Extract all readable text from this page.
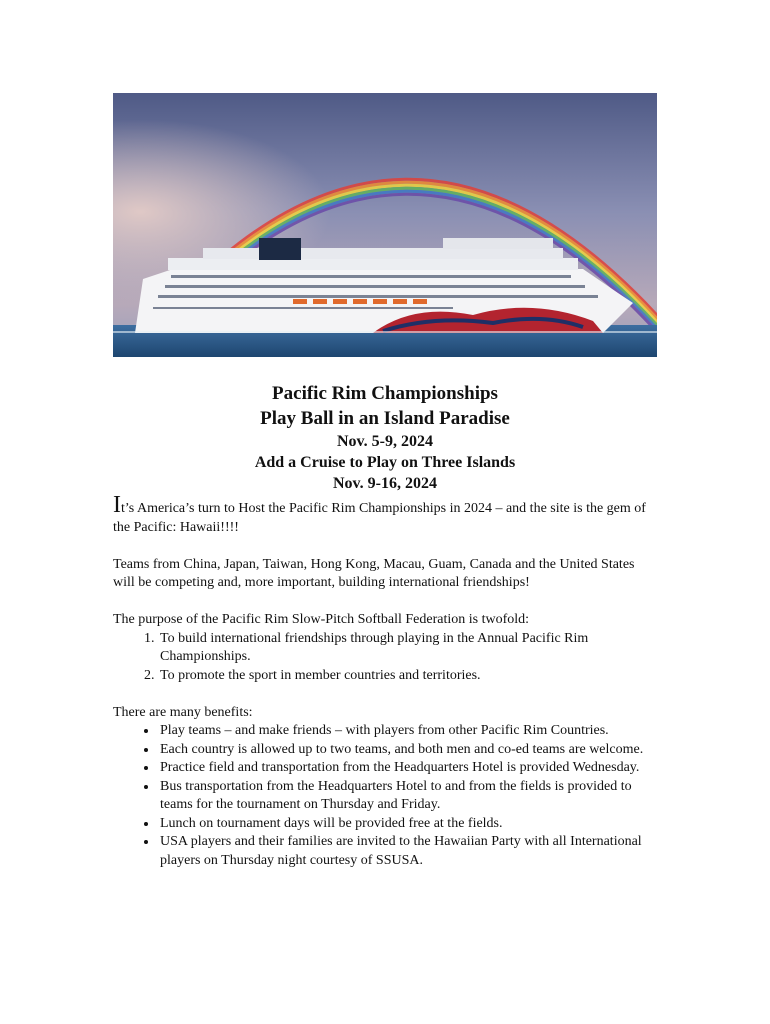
Pacific Rim Championships

Play Ball in an Island Paradise

Nov. 5-9, 2024

Add a Cruise to Play on Three Islands

Nov. 9-16, 2024

It’s America’s turn to Host the Pacific Rim Championships in 2024 – and the site is the gem of the Pacific: Hawaii!!!!

Teams from China, Japan, Taiwan, Hong Kong, Macau, Guam, Canada and the United States will be competing and, more important, building international friendships!

The purpose of the Pacific Rim Slow-Pitch Softball Federation is twofold:

1. To build international friendships through playing in the Annual Pacific Rim Championships.
2. To promote the sport in member countries and territories.

There are many benefits:

• Play teams – and make friends – with players from other Pacific Rim Countries.
• Each country is allowed up to two teams, and both men and co-ed teams are welcome.
• Practice field and transportation from the Headquarters Hotel is provided Wednesday.
• Bus transportation from the Headquarters Hotel to and from the fields is provided to teams for the tournament on Thursday and Friday.
• Lunch on tournament days will be provided free at the fields.
• USA players and their families are invited to the Hawaiian Party with all International players on Thursday night courtesy of SSUSA.
